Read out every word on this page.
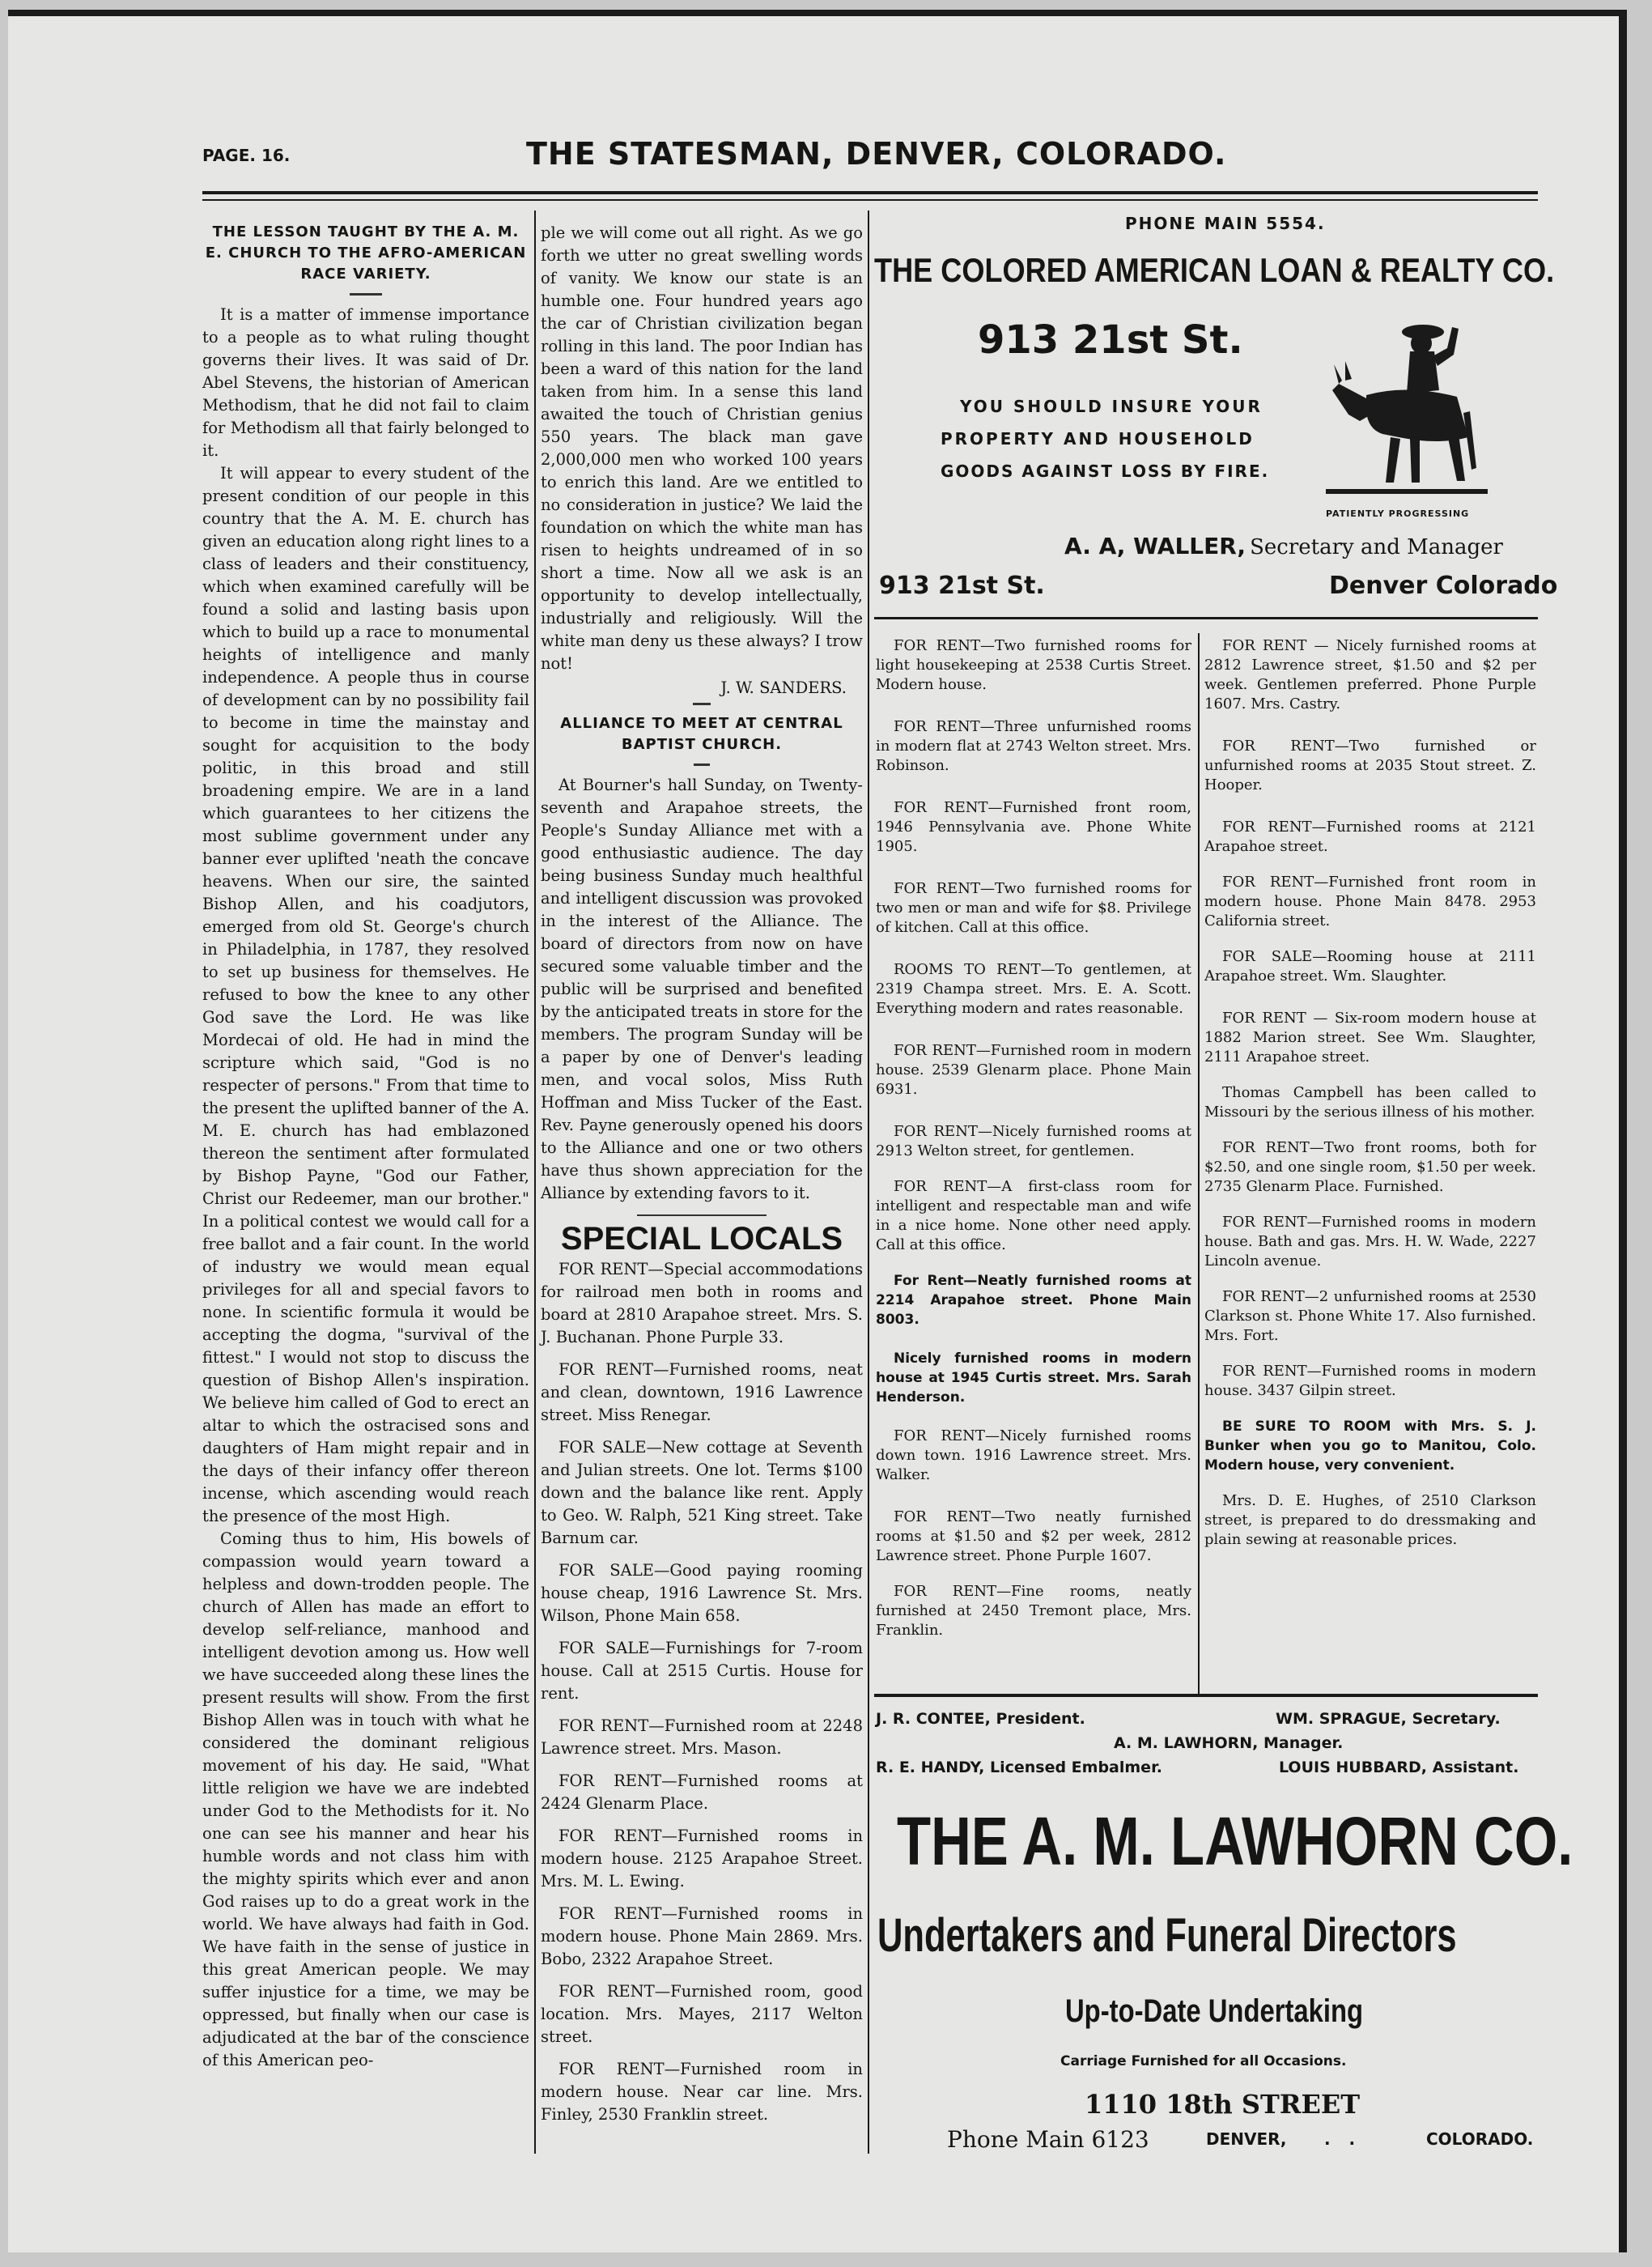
PAGE. 16.	THE STATESMAN, DENVER, COLORADO.
THE LESSON TAUGHT BY THE A. M. E. CHURCH TO THE AFRO-AMERICAN RACE VARIETY.

It is a matter of immense importance to a people as to what ruling thought governs their lives. It was said of Dr. Abel Stevens, the historian of American Methodism, that he did not fail to claim for Methodism all that fairly belonged to it.

It will appear to every student of the present condition of our people in this country that the A. M. E. church has given an education along right lines to a class of leaders and their constituency, which when examined carefully will be found a solid and lasting basis upon which to build up a race to monumental heights of intelligence and manly independence. A people thus in course of development can by no possibility fail to become in time the mainstay and sought for acquisition to the body politic, in this broad and still broadening empire. We are in a land which guarantees to her citizens the most sublime government under any banner ever uplifted 'neath the concave heavens. When our sire, the sainted Bishop Allen, and his coadjutors, emerged from old St. George's church in Philadelphia, in 1787, they resolved to set up business for themselves. He refused to bow the knee to any other God save the Lord. He was like Mordecai of old. He had in mind the scripture which said, "God is no respecter of persons." From that time to the present the uplifted banner of the A. M. E. church has had emblazoned thereon the sentiment after formulated by Bishop Payne, "God our Father, Christ our Redeemer, man our brother." In a political contest we would call for a free ballot and a fair count. In the world of industry we would mean equal privileges for all and special favors to none. In scientific formula it would be accepting the dogma, "survival of the fittest." I would not stop to discuss the question of Bishop Allen's inspiration. We believe him called of God to erect an altar to which the ostracised sons and daughters of Ham might repair and in the days of their infancy offer thereon incense, which ascending would reach the presence of the most High.

Coming thus to him, His bowels of compassion would yearn toward a helpless and down-trodden people. The church of Allen has made an effort to develop self-reliance, manhood and intelligent devotion among us. How well we have succeeded along these lines the present results will show. From the first Bishop Allen was in touch with what he considered the dominant religious movement of his day. He said, "What little religion we have we are indebted under God to the Methodists for it. No one can see his manner and hear his humble words and not class him with the mighty spirits which ever and anon God raises up to do a great work in the world. We have always had faith in God. We have faith in the sense of justice in this great American people. We may suffer injustice for a time, we may be oppressed, but finally when our case is adjudicated at the bar of the conscience of this American peo-

ple we will come out all right. As we go forth we utter no great swelling words of vanity. We know our state is an humble one. Four hundred years ago the car of Christian civilization began rolling in this land. The poor Indian has been a ward of this nation for the land taken from him. In a sense this land awaited the touch of Christian genius 550 years. The black man gave 2,000,000 men who worked 100 years to enrich this land. Are we entitled to no consideration in justice? We laid the foundation on which the white man has risen to heights undreamed of in so short a time. Now all we ask is an opportunity to develop intellectually, industrially and religiously. Will the white man deny us these always? I trow not!
J. W. SANDERS.
ALLIANCE TO MEET AT CENTRAL BAPTIST CHURCH.

At Bourner's hall Sunday, on Twenty-seventh and Arapahoe streets, the People's Sunday Alliance met with a good enthusiastic audience. The day being business Sunday much healthful and intelligent discussion was provoked in the interest of the Alliance. The board of directors from now on have secured some valuable timber and the public will be surprised and benefited by the anticipated treats in store for the members. The program Sunday will be a paper by one of Denver's leading men, and vocal solos, Miss Ruth Hoffman and Miss Tucker of the East. Rev. Payne generously opened his doors to the Alliance and one or two others have thus shown appreciation for the Alliance by extending favors to it.

SPECIAL LOCALS
FOR RENT—Special accommodations for railroad men both in rooms and board at 2810 Arapahoe street. Mrs. S. J. Buchanan. Phone Purple 33.
FOR RENT—Furnished rooms, neat and clean, downtown, 1916 Lawrence street. Miss Renegar.
FOR SALE—New cottage at Seventh and Julian streets. One lot. Terms $100 down and the balance like rent. Apply to Geo. W. Ralph, 521 King street. Take Barnum car.
FOR SALE—Good paying rooming house cheap, 1916 Lawrence St. Mrs. Wilson, Phone Main 658.
FOR SALE—Furnishings for 7-room house. Call at 2515 Curtis. House for rent.
FOR RENT—Furnished room at 2248 Lawrence street. Mrs. Mason.
FOR RENT—Furnished rooms at 2424 Glenarm Place.
FOR RENT—Furnished rooms in modern house. 2125 Arapahoe Street. Mrs. M. L. Ewing.
FOR RENT—Furnished rooms in modern house. Phone Main 2869. Mrs. Bobo, 2322 Arapahoe Street.
FOR RENT—Furnished room, good location. Mrs. Mayes, 2117 Welton street.
FOR RENT—Furnished room in modern house. Near car line. Mrs. Finley, 2530 Franklin street.
PHONE MAIN 5554.
THE COLORED AMERICAN LOAN & REALTY CO.
913 21st St.
YOU SHOULD INSURE YOUR
PROPERTY AND HOUSEHOLD
GOODS AGAINST LOSS BY FIRE.
PATIENTLY PROGRESSING
A. A, WALLER, Secretary and Manager
913 21st St.	Denver Colorado
FOR RENT—Two furnished rooms for light housekeeping at 2538 Curtis Street. Modern house.
FOR RENT—Three unfurnished rooms in modern flat at 2743 Welton street. Mrs. Robinson.
FOR RENT—Furnished front room, 1946 Pennsylvania ave. Phone White 1905.
FOR RENT—Two furnished rooms for two men or man and wife for $8. Privilege of kitchen. Call at this office.
ROOMS TO RENT—To gentlemen, at 2319 Champa street. Mrs. E. A. Scott. Everything modern and rates reasonable.
FOR RENT—Furnished room in modern house. 2539 Glenarm place. Phone Main 6931.
FOR RENT—Nicely furnished rooms at 2913 Welton street, for gentlemen.
FOR RENT—A first-class room for intelligent and respectable man and wife in a nice home. None other need apply. Call at this office.
For Rent—Neatly furnished rooms at 2214 Arapahoe street. Phone Main 8003.
Nicely furnished rooms in modern house at 1945 Curtis street. Mrs. Sarah Henderson.
FOR RENT—Nicely furnished rooms down town. 1916 Lawrence street. Mrs. Walker.
FOR RENT—Two neatly furnished rooms at $1.50 and $2 per week, 2812 Lawrence street. Phone Purple 1607.
FOR RENT—Fine rooms, neatly furnished at 2450 Tremont place, Mrs. Franklin.
FOR RENT — Nicely furnished rooms at 2812 Lawrence street, $1.50 and $2 per week. Gentlemen preferred. Phone Purple 1607. Mrs. Castry.
FOR RENT—Two furnished or unfurnished rooms at 2035 Stout street. Z. Hooper.
FOR RENT—Furnished rooms at 2121 Arapahoe street.
FOR RENT—Furnished front room in modern house. Phone Main 8478. 2953 California street.
FOR SALE—Rooming house at 2111 Arapahoe street. Wm. Slaughter.
FOR RENT — Six-room modern house at 1882 Marion street. See Wm. Slaughter, 2111 Arapahoe street.
Thomas Campbell has been called to Missouri by the serious illness of his mother.
FOR RENT—Two front rooms, both for $2.50, and one single room, $1.50 per week. 2735 Glenarm Place. Furnished.
FOR RENT—Furnished rooms in modern house. Bath and gas. Mrs. H. W. Wade, 2227 Lincoln avenue.
FOR RENT—2 unfurnished rooms at 2530 Clarkson st. Phone White 17. Also furnished. Mrs. Fort.
FOR RENT—Furnished rooms in modern house. 3437 Gilpin street.
BE SURE TO ROOM with Mrs. S. J. Bunker when you go to Manitou, Colo. Modern house, very convenient.
Mrs. D. E. Hughes, of 2510 Clarkson street, is prepared to do dressmaking and plain sewing at reasonable prices.
J. R. CONTEE, President.	WM. SPRAGUE, Secretary.
A. M. LAWHORN, Manager.
R. E. HANDY, Licensed Embalmer.	LOUIS HUBBARD, Assistant.
THE A. M. LAWHORN CO.
Undertakers and Funeral Directors
Up-to-Date Undertaking
Carriage Furnished for all Occasions.
1110 18th STREET
Phone Main 6123	DENVER, . .	COLORADO.
